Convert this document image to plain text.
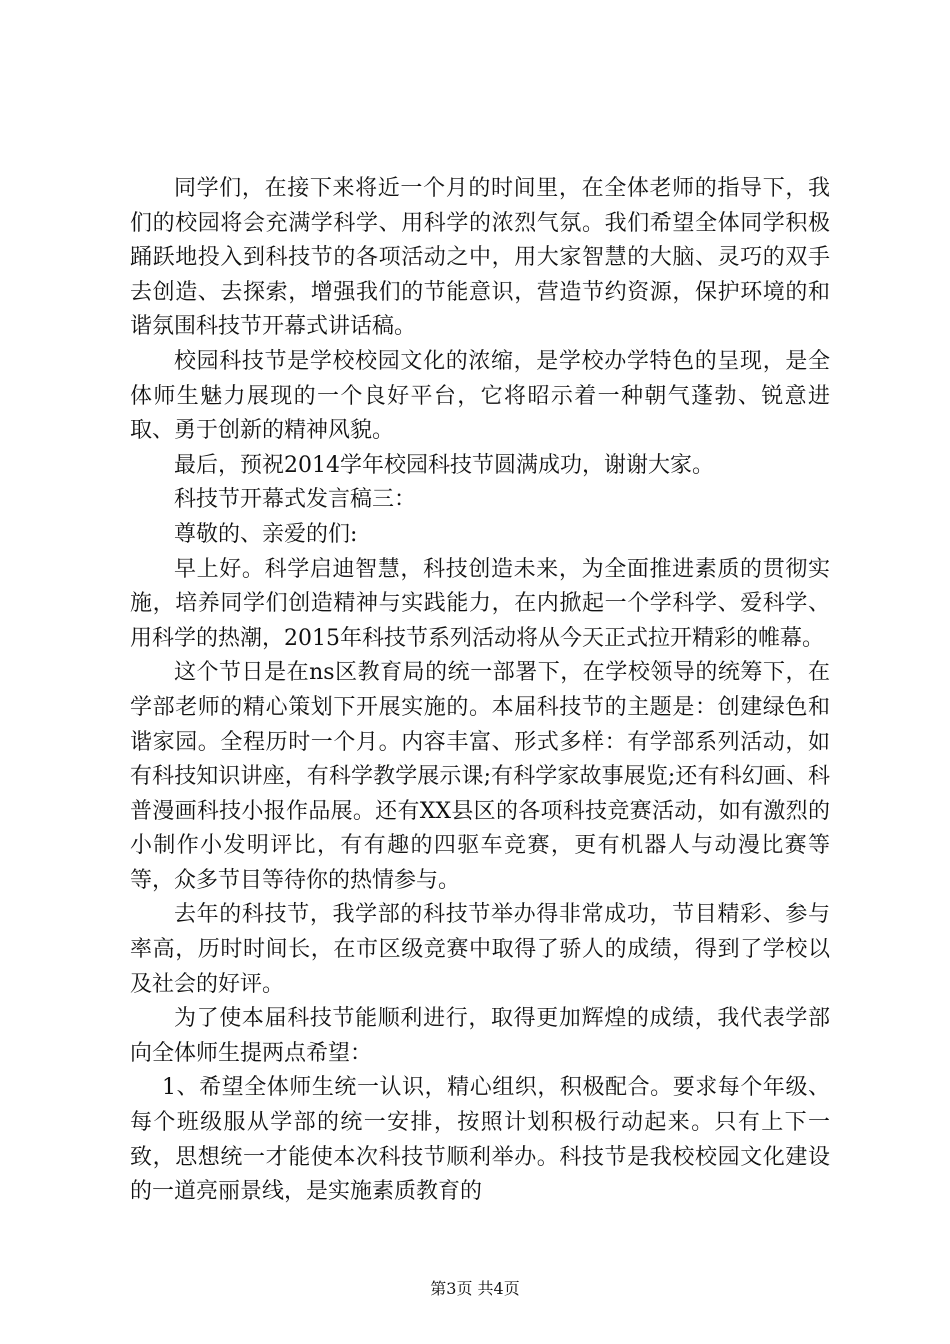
同学们，在接下来将近一个月的时间里，在全体老师的指导下，我们的校园将会充满学科学、用科学的浓烈气氛。我们希望全体同学积极踊跃地投入到科技节的各项活动之中，用大家智慧的大脑、灵巧的双手去创造、去探索，增强我们的节能意识，营造节约资源，保护环境的和谐氛围科技节开幕式讲话稿。

校园科技节是学校校园文化的浓缩，是学校办学特色的呈现，是全体师生魅力展现的一个良好平台，它将昭示着一种朝气蓬勃、锐意进取、勇于创新的精神风貌。

最后，预祝2014学年校园科技节圆满成功，谢谢大家。

科技节开幕式发言稿三：

尊敬的、亲爱的们:

早上好。科学启迪智慧，科技创造未来，为全面推进素质的贯彻实施，培养同学们创造精神与实践能力，在内掀起一个学科学、爱科学、用科学的热潮，2015年科技节系列活动将从今天正式拉开精彩的帷幕。

这个节日是在ns区教育局的统一部署下，在学校领导的统筹下，在学部老师的精心策划下开展实施的。本届科技节的主题是：创建绿色和谐家园。全程历时一个月。内容丰富、形式多样：有学部系列活动，如有科技知识讲座，有科学教学展示课;有科学家故事展览;还有科幻画、科普漫画科技小报作品展。还有XX县区的各项科技竞赛活动，如有激烈的小制作小发明评比，有有趣的四驱车竞赛，更有机器人与动漫比赛等等，众多节目等待你的热情参与。

去年的科技节，我学部的科技节举办得非常成功，节目精彩、参与率高，历时时间长，在市区级竞赛中取得了骄人的成绩，得到了学校以及社会的好评。

为了使本届科技节能顺利进行，取得更加辉煌的成绩，我代表学部向全体师生提两点希望：

1、希望全体师生统一认识，精心组织，积极配合。要求每个年级、每个班级服从学部的统一安排，按照计划积极行动起来。只有上下一致，思想统一才能使本次科技节顺利举办。科技节是我校校园文化建设的一道亮丽景线，是实施素质教育的

第3页 共4页
